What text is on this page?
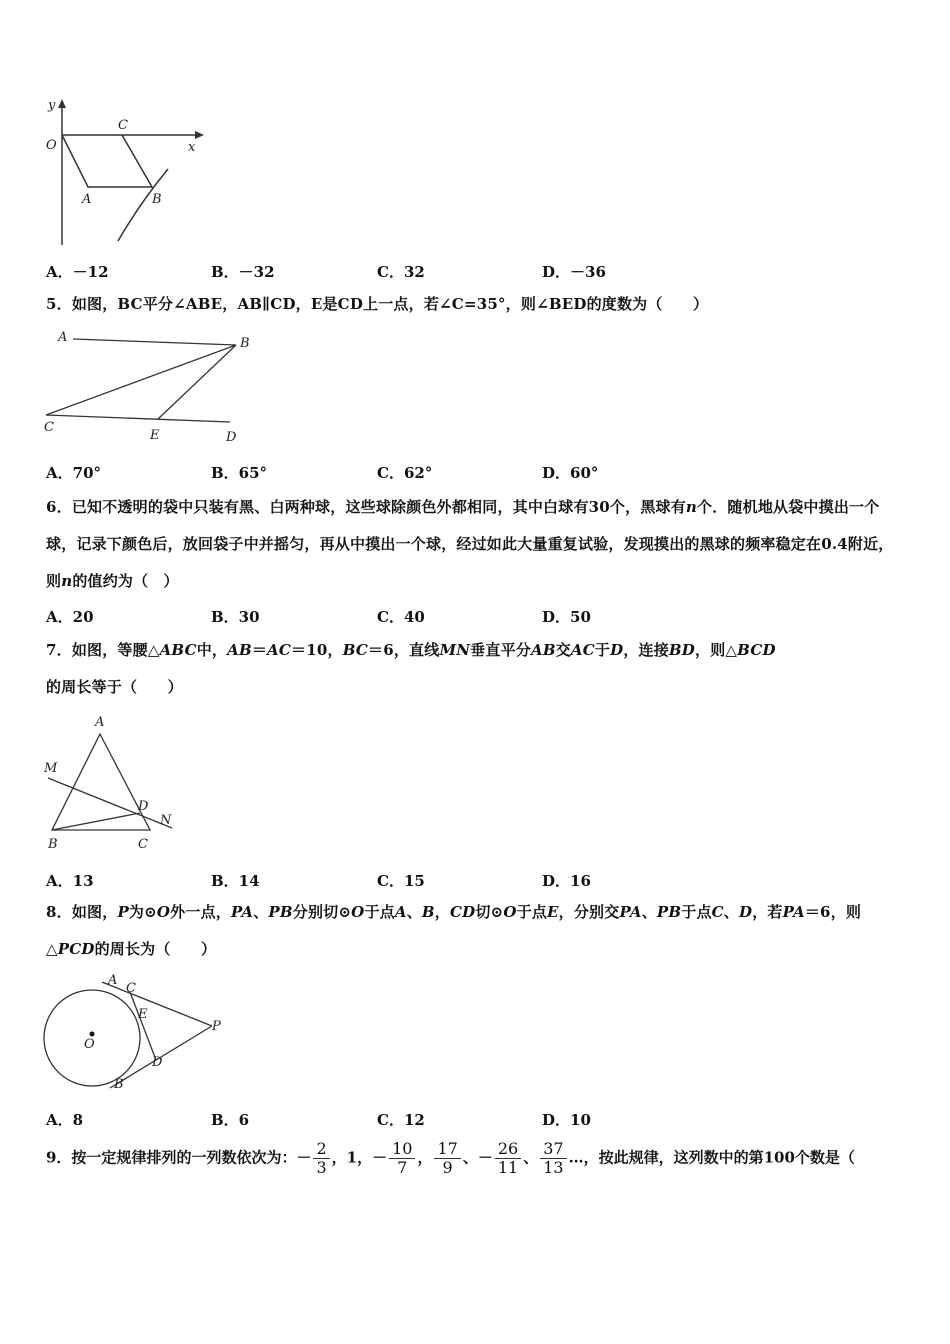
y
O
C
x
A	B
A．－12	B．－32	C．32	D．－36
5．如图，BC平分∠ABE，AB∥CD，E是CD上一点，若∠C=35°，则∠BED的度数为（　　）
A	B
C
E	D
A．70°	B．65°	C．62°	D．60°
6．已知不透明的袋中只装有黑、白两种球，这些球除颜色外都相同，其中白球有30个，黑球有n个．随机地从袋中摸出一个球，记录下颜色后，放回袋子中并摇匀，再从中摸出一个球，经过如此大量重复试验，发现摸出的黑球的频率稳定在0.4附近，则n的值约为（　）
A．20	B．30	C．40	D．50
7．如图，等腰△ABC中，AB＝AC＝10，BC＝6，直线MN垂直平分AB交AC于D，连接BD，则△BCD的周长等于（　　）
A
M
D
N
B	C
A．13	B．14	C．15	D．16
8．如图，P为⊙O外一点，PA、PB分别切⊙O于点A、B，CD切⊙O于点E，分别交PA、PB于点C、D，若PA＝6，则△PCD的周长为（　　）
A
C
E
P
O
D
B
A．8	B．6	C．12	D．10
9．按一定规律排列的一列数依次为：－ $\frac{2}{3}$ ，1，－ $\frac{10}{7}$ ， $\frac{17}{9}$ 、－ $\frac{26}{11}$ 、 $\frac{37}{13}$ …，按此规律，这列数中的第100个数是（
